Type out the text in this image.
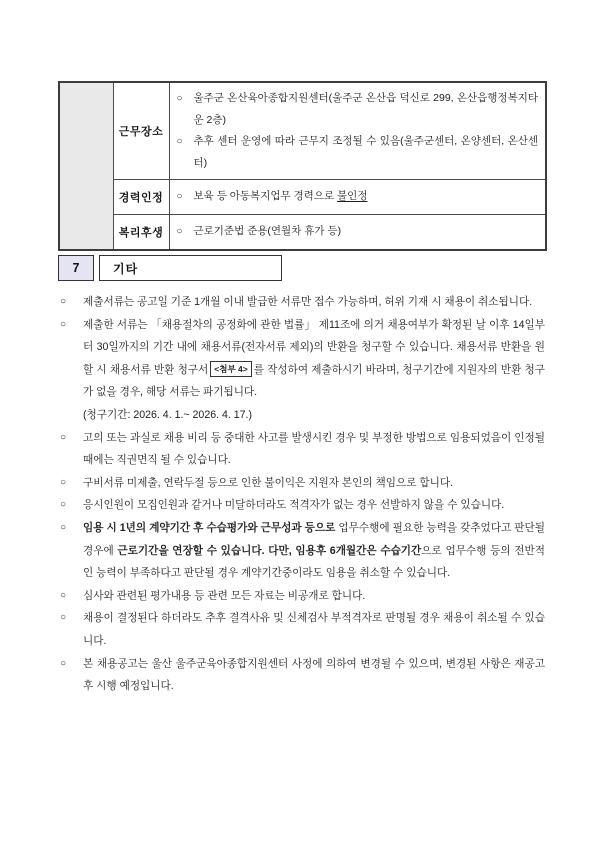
	근무장소	○ 울주군 온산육아종합지원센터(울주군 온산읍 덕신로 299, 온산읍행정복지타운 2층)
○ 추후 센터 운영에 따라 근무지 조정될 수 있음(울주군센터, 온양센터, 온산센터)

	경력인정	○ 보육 등 아동복지업무 경력으로 불인정

	복리후생	○ 근로기준법 준용(연월차 휴가 등)
7	기타
○ 제출서류는 공고일 기준 1개월 이내 발급한 서류만 접수 가능하며, 허위 기재 시 채용이 취소됩니다.
○ 제출한 서류는 「채용절차의 공정화에 관한 법률」 제11조에 의거 채용여부가 확정된 날 이후 14일부터 30일까지의 기간 내에 채용서류(전자서류 제외)의 반환을 청구할 수 있습니다. 채용서류 반환을 원할 시 채용서류 반환 청구서 <첨부 4> 를 작성하여 제출하시기 바라며, 청구기간에 지원자의 반환 청구가 없을 경우, 해당 서류는 파기됩니다.
(청구기간: 2026. 4. 1.~ 2026. 4. 17.)
○ 고의 또는 과실로 채용 비리 등 중대한 사고를 발생시킨 경우 및 부정한 방법으로 임용되었음이 인정될 때에는 직권면직 될 수 있습니다.
○ 구비서류 미제출, 연락두절 등으로 인한 불이익은 지원자 본인의 책임으로 합니다.
○ 응시인원이 모집인원과 같거나 미달하더라도 적격자가 없는 경우 선발하지 않을 수 있습니다.
○ 임용 시 1년의 계약기간 후 수습평가와 근무성과 등으로 업무수행에 필요한 능력을 갖추었다고 판단될 경우에 근로기간을 연장할 수 있습니다. 다만, 임용후 6개월간은 수습기간으로 업무수행 등의 전반적인 능력이 부족하다고 판단될 경우 계약기간중이라도 임용을 취소할 수 있습니다.
○ 심사와 관련된 평가내용 등 관련 모든 자료는 비공개로 합니다.
○ 채용이 결정된다 하더라도 추후 결격사유 및 신체검사 부적격자로 판명될 경우 채용이 취소될 수 있습니다.
○ 본 채용공고는 울산 울주군육아종합지원센터 사정에 의하여 변경될 수 있으며, 변경된 사항은 재공고 후 시행 예정입니다.
